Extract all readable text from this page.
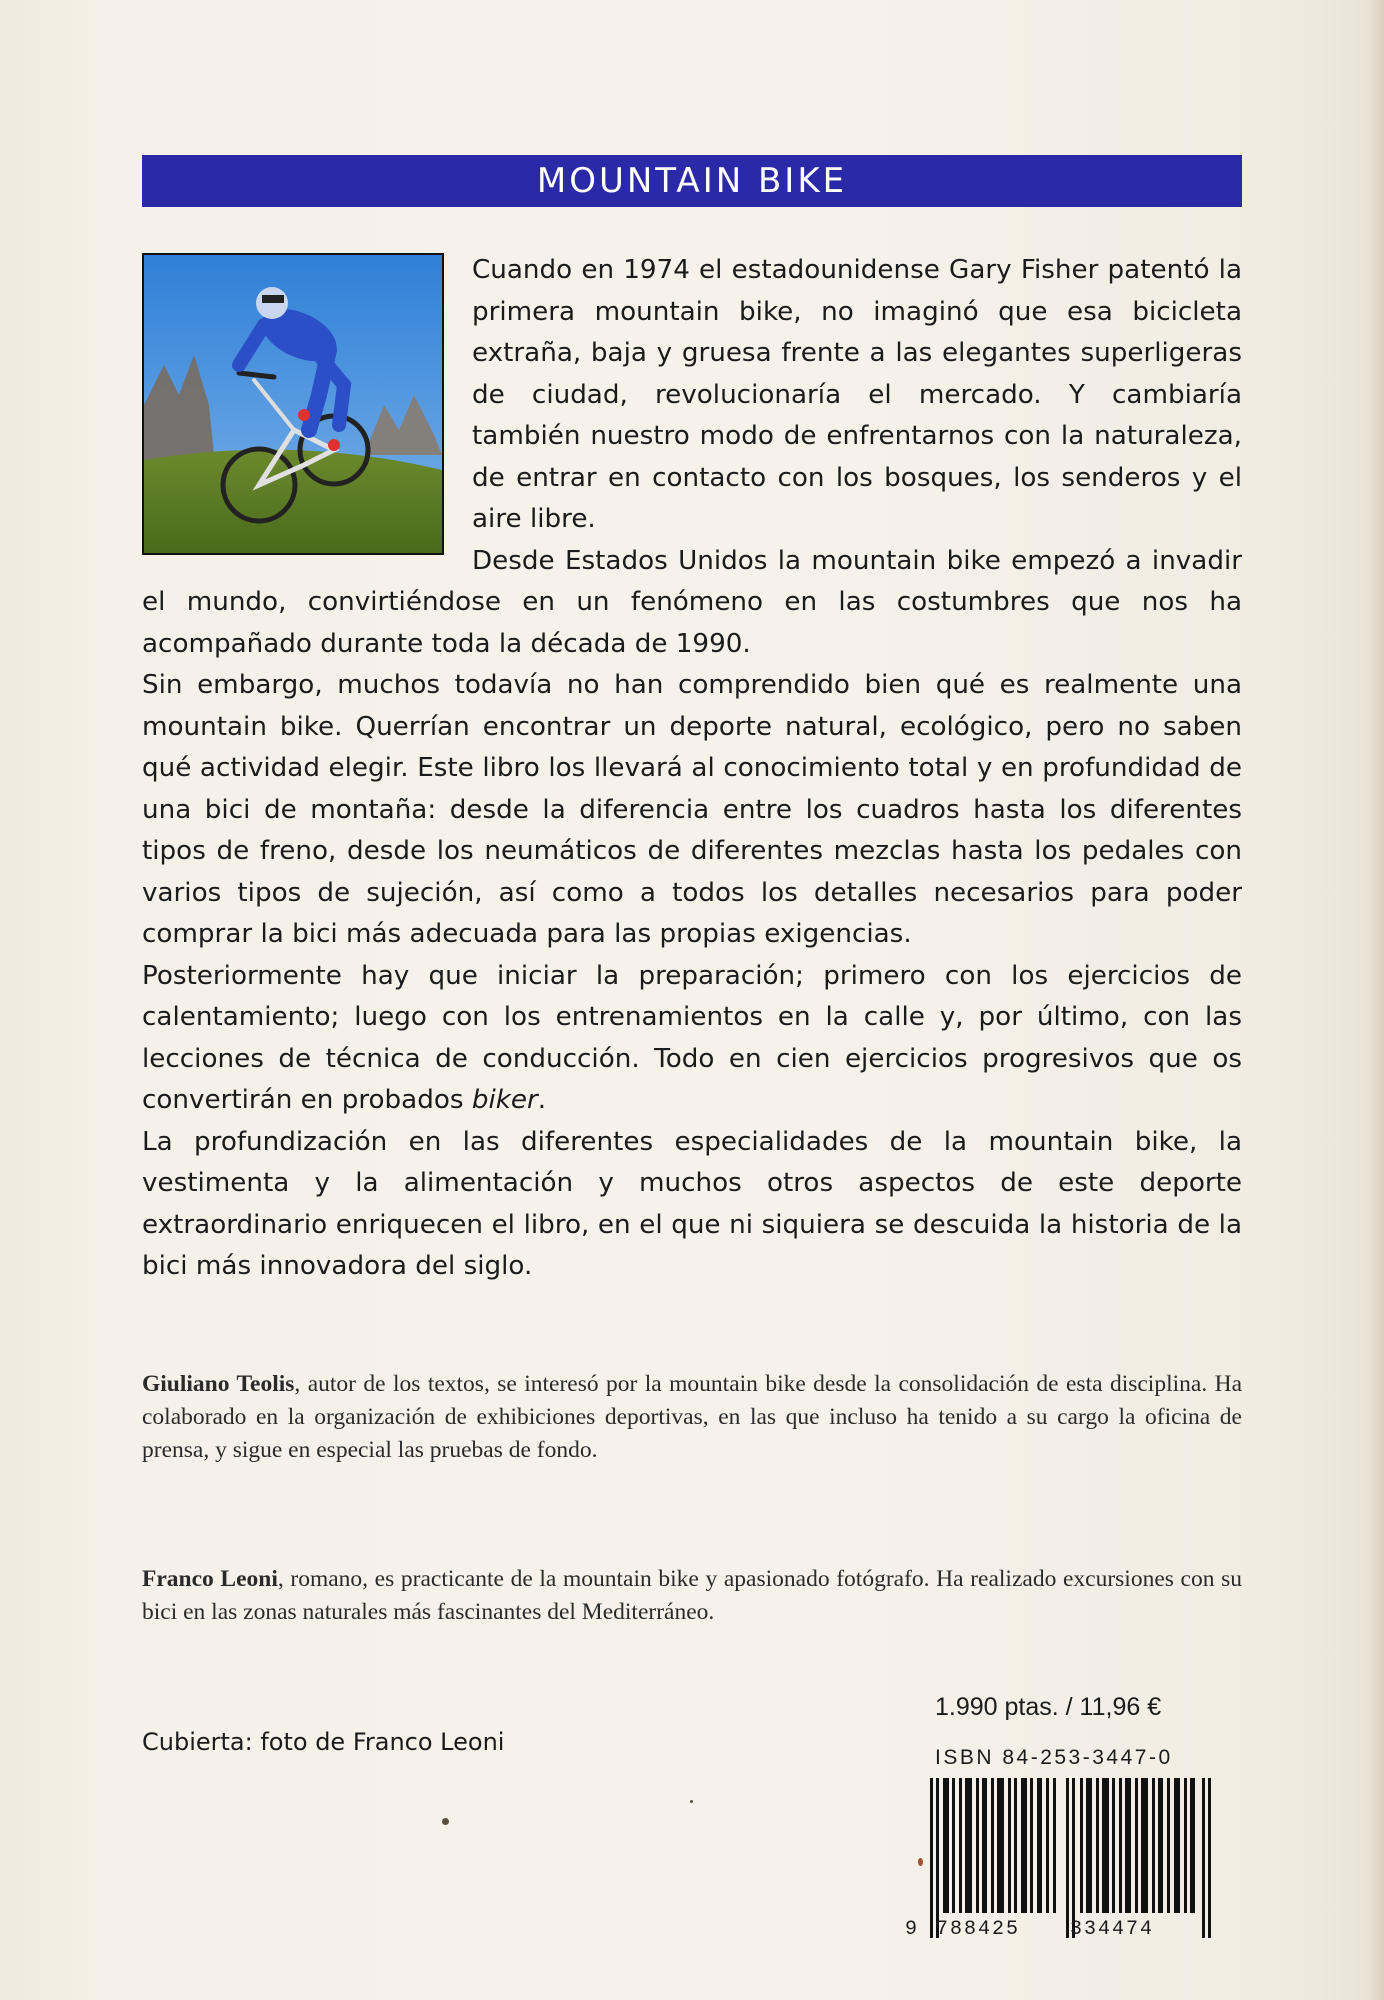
MOUNTAIN BIKE

Cuando en 1974 el estadounidense Gary Fisher patentó la primera mountain bike, no imaginó que esa bicicleta extraña, baja y gruesa frente a las elegantes superligeras de ciudad, revolucionaría el mercado. Y cambiaría también nuestro modo de enfrentarnos con la naturaleza, de entrar en contacto con los bosques, los senderos y el aire libre.

Desde Estados Unidos la mountain bike empezó a invadir el mundo, convirtiéndose en un fenómeno en las costumbres que nos ha acompañado durante toda la década de 1990.

Sin embargo, muchos todavía no han comprendido bien qué es realmente una mountain bike. Querrían encontrar un deporte natural, ecológico, pero no saben qué actividad elegir. Este libro los llevará al conocimiento total y en profundidad de una bici de montaña: desde la diferencia entre los cuadros hasta los diferentes tipos de freno, desde los neumáticos de diferentes mezclas hasta los pedales con varios tipos de sujeción, así como a todos los detalles necesarios para poder comprar la bici más adecuada para las propias exigencias.

Posteriormente hay que iniciar la preparación; primero con los ejercicios de calentamiento; luego con los entrenamientos en la calle y, por último, con las lecciones de técnica de conducción. Todo en cien ejercicios progresivos que os convertirán en probados biker.

La profundización en las diferentes especialidades de la mountain bike, la vestimenta y la alimentación y muchos otros aspectos de este deporte extraordinario enriquecen el libro, en el que ni siquiera se descuida la historia de la bici más innovadora del siglo.

Giuliano Teolis, autor de los textos, se interesó por la mountain bike desde la consolidación de esta disciplina. Ha colaborado en la organización de exhibiciones deportivas, en las que incluso ha tenido a su cargo la oficina de prensa, y sigue en especial las pruebas de fondo.
Franco Leoni, romano, es practicante de la mountain bike y apasionado fotógrafo. Ha realizado excursiones con su bici en las zonas naturales más fascinantes del Mediterráneo.
Cubierta: foto de Franco Leoni
1.990 ptas. / 11,96 €
ISBN 84-253-3447-0
9 788425 334474
